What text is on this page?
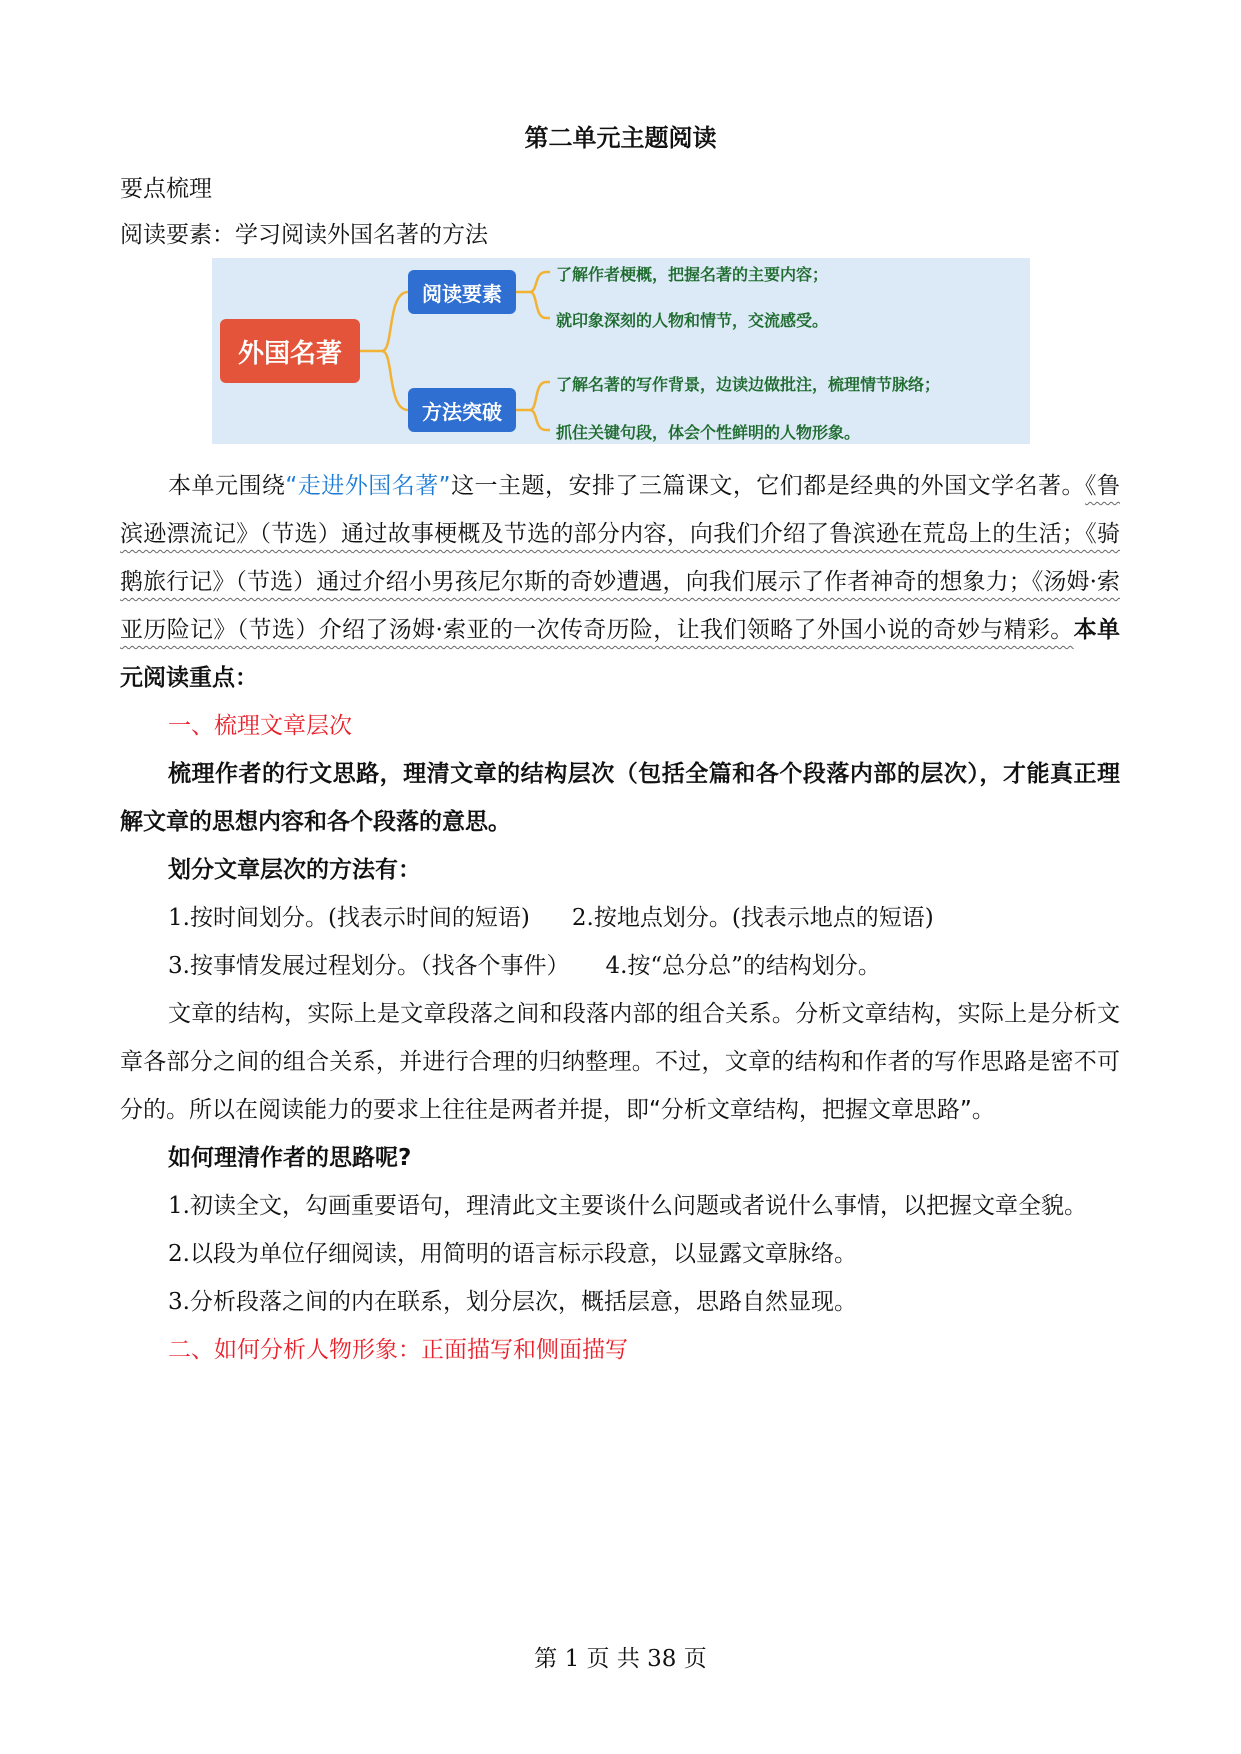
第二单元主题阅读
要点梳理
阅读要素：学习阅读外国名著的方法
外国名著
阅读要素
方法突破
了解作者梗概，把握名著的主要内容；
就印象深刻的人物和情节，交流感受。
了解名著的写作背景，边读边做批注，梳理情节脉络；
抓住关键句段，体会个性鲜明的人物形象。

本单元围绕“走进外国名著”这一主题，安排了三篇课文，它们都是经典的外国文学名著。《鲁滨逊漂流记》（节选）通过故事梗概及节选的部分内容，向我们介绍了鲁滨逊在荒岛上的生活；《骑鹅旅行记》（节选）通过介绍小男孩尼尔斯的奇妙遭遇，向我们展示了作者神奇的想象力；《汤姆·索亚历险记》（节选）介绍了汤姆·索亚的一次传奇历险，让我们领略了外国小说的奇妙与精彩。本单元阅读重点：

一、梳理文章层次

梳理作者的行文思路，理清文章的结构层次（包括全篇和各个段落内部的层次），才能真正理解文章的思想内容和各个段落的意思。

划分文章层次的方法有：

1.按时间划分。(找表示时间的短语) 2.按地点划分。(找表示地点的短语)

3.按事情发展过程划分。（找各个事件） 4.按“总分总”的结构划分。

文章的结构，实际上是文章段落之间和段落内部的组合关系。分析文章结构，实际上是分析文章各部分之间的组合关系，并进行合理的归纳整理。不过，文章的结构和作者的写作思路是密不可分的。所以在阅读能力的要求上往往是两者并提，即“分析文章结构，把握文章思路”。

如何理清作者的思路呢?

1.初读全文，勾画重要语句，理清此文主要谈什么问题或者说什么事情，以把握文章全貌。

2.以段为单位仔细阅读，用简明的语言标示段意，以显露文章脉络。

3.分析段落之间的内在联系，划分层次，概括层意，思路自然显现。

二、如何分析人物形象：正面描写和侧面描写

第 1 页 共 38 页
